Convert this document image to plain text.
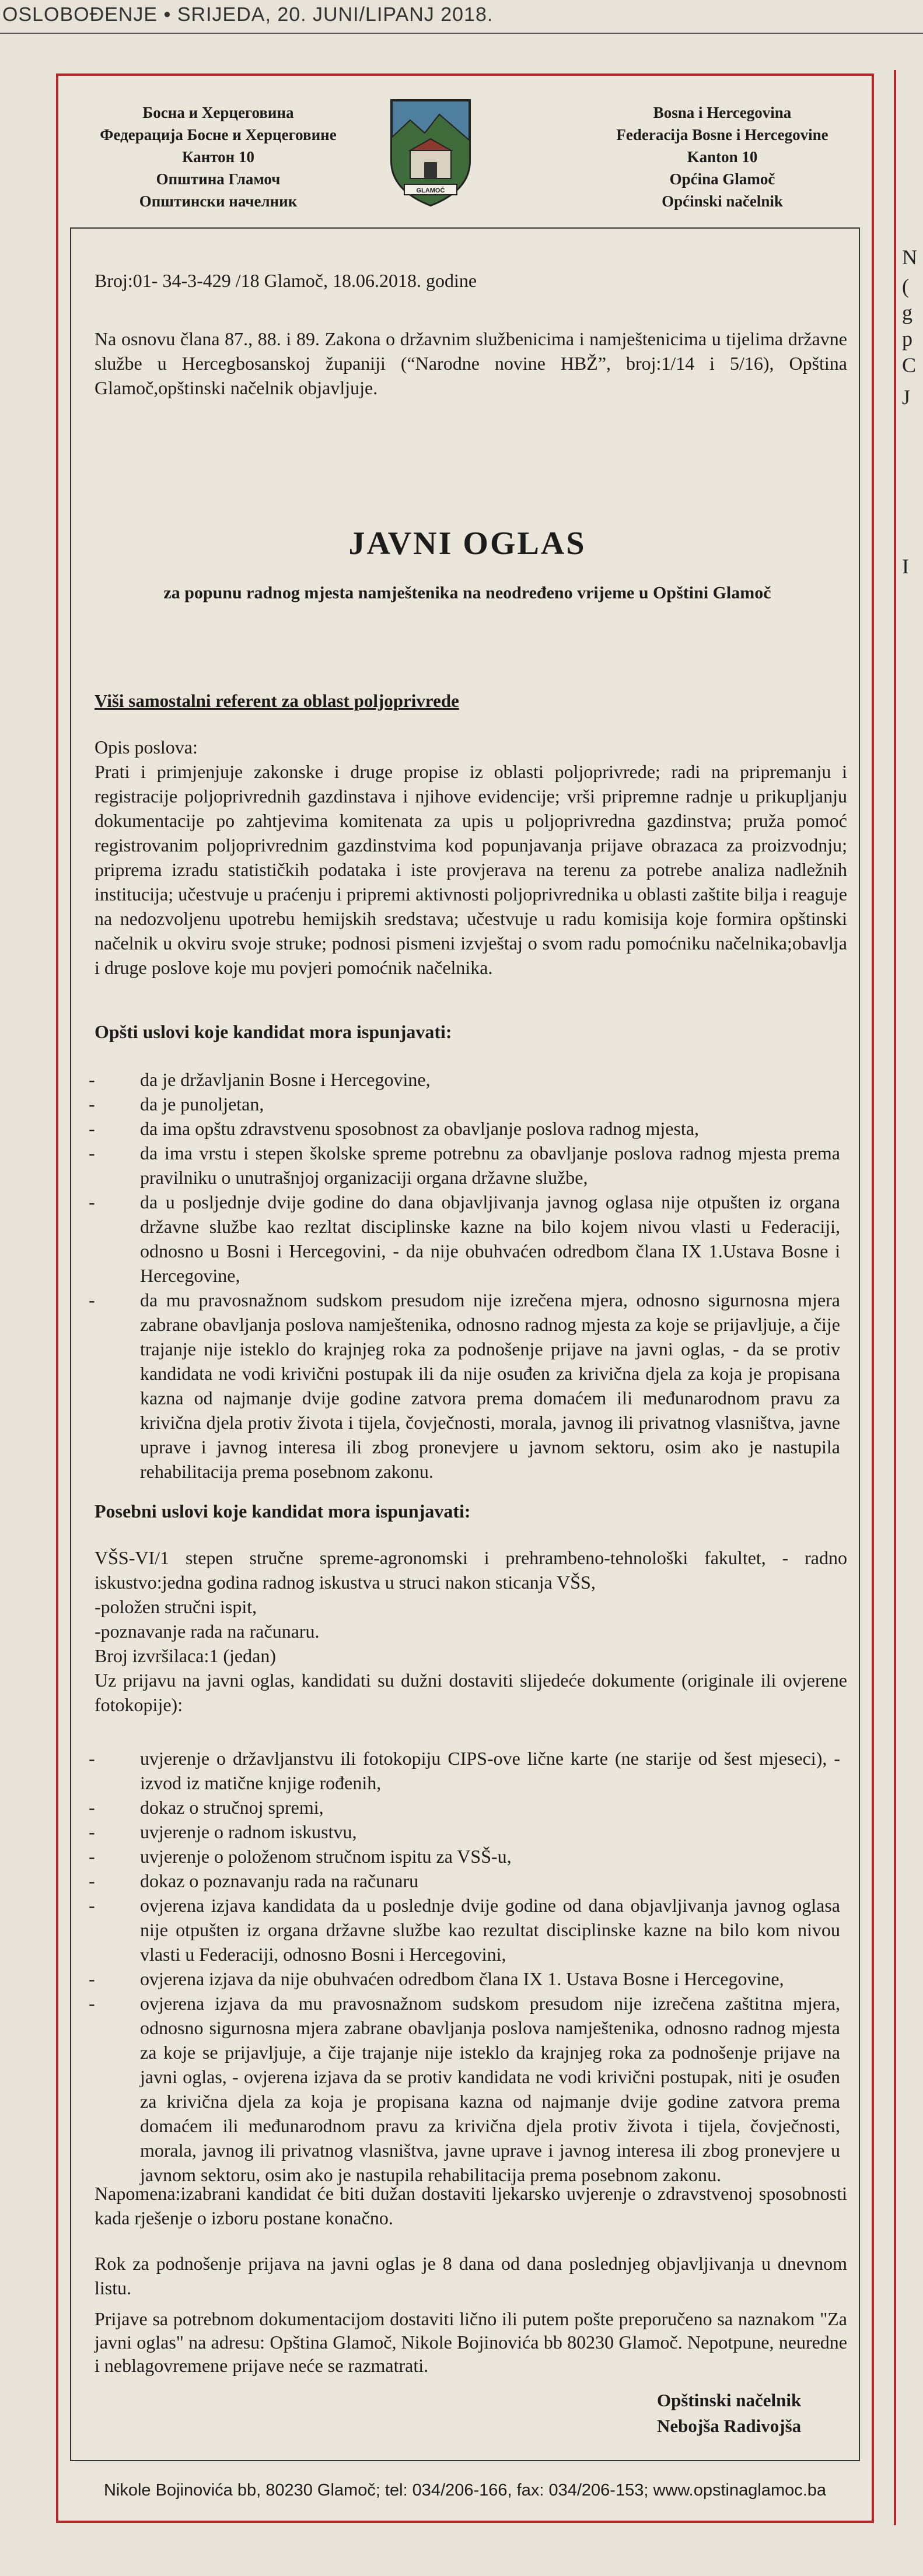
OSLOBOĐENJE • SRIJEDA, 20. JUNI/LIPANJ 2018.
N
(
g
p
C
J
I
Босна и Херцеговина
Федерација Босне и Херцеговине
Кантон 10
Општина Гламоч
Општински начелник
GLAMOČ
Bosna i Hercegovina
Federacija Bosne i Hercegovine
Kanton 10
Općina Glamoč
Općinski načelnik
Broj:01- 34-3-429 /18 Glamoč, 18.06.2018. godine
Na osnovu člana 87., 88. i 89. Zakona o državnim službenicima i namještenicima u tijelima državne službe u Hercegbosanskoj županiji (“Narodne novine HBŽ”, broj:1/14 i 5/16), Opština Glamoč,opštinski načelnik objavljuje.
JAVNI OGLAS
za popunu radnog mjesta namještenika na neodređeno vrijeme u Opštini Glamoč
Viši samostalni referent za oblast poljoprivrede
Opis poslova:
Prati i primjenjuje zakonske i druge propise iz oblasti poljoprivrede; radi na pripremanju i registracije poljoprivrednih gazdinstava i njihove evidencije; vrši pripremne radnje u prikupljanju dokumentacije po zahtjevima komitenata za upis u poljoprivredna gazdinstva; pruža pomoć registrovanim poljoprivrednim gazdinstvima kod popunjavanja prijave obrazaca za proizvodnju; priprema izradu statističkih podataka i iste provjerava na terenu za potrebe analiza nadležnih institucija; učestvuje u praćenju i pripremi aktivnosti poljoprivrednika u oblasti zaštite bilja i reaguje na nedozvoljenu upotrebu hemijskih sredstava; učestvuje u radu komisija koje formira opštinski načelnik u okviru svoje struke; podnosi pismeni izvještaj o svom radu pomoćniku načelnika;obavlja i druge poslove koje mu povjeri pomoćnik načelnika.
Opšti uslovi koje kandidat mora ispunjavati:
- da je državljanin Bosne i Hercegovine,
- da je punoljetan,
- da ima opštu zdravstvenu sposobnost za obavljanje poslova radnog mjesta,
- da ima vrstu i stepen školske spreme potrebnu za obavljanje poslova radnog mjesta prema pravilniku o unutrašnjoj organizaciji organa državne službe,
- da u posljednje dvije godine do dana objavljivanja javnog oglasa nije otpušten iz organa državne službe kao rezltat disciplinske kazne na bilo kojem nivou vlasti u Federaciji, odnosno u Bosni i Hercegovini, - da nije obuhvaćen odredbom člana IX 1.Ustava Bosne i Hercegovine,
- da mu pravosnažnom sudskom presudom nije izrečena mjera, odnosno sigurnosna mjera zabrane obavljanja poslova namještenika, odnosno radnog mjesta za koje se prijavljuje, a čije trajanje nije isteklo do krajnjeg roka za podnošenje prijave na javni oglas, - da se protiv kandidata ne vodi krivični postupak ili da nije osuđen za krivična djela za koja je propisana kazna od najmanje dvije godine zatvora prema domaćem ili međunarodnom pravu za krivična djela protiv života i tijela, čovječnosti, morala, javnog ili privatnog vlasništva, javne uprave i javnog interesa ili zbog pronevjere u javnom sektoru, osim ako je nastupila rehabilitacija prema posebnom zakonu.
Posebni uslovi koje kandidat mora ispunjavati:
VŠS-VI/1 stepen stručne spreme-agronomski i prehrambeno-tehnološki fakultet, - radno iskustvo:jedna godina radnog iskustva u struci nakon sticanja VŠS,
-položen stručni ispit,
-poznavanje rada na računaru.
Broj izvršilaca:1 (jedan)
Uz prijavu na javni oglas, kandidati su dužni dostaviti slijedeće dokumente (originale ili ovjerene fotokopije):
- uvjerenje o državljanstvu ili fotokopiju CIPS-ove lične karte (ne starije od šest mjeseci), - izvod iz matične knjige rođenih,
- dokaz o stručnoj spremi,
- uvjerenje o radnom iskustvu,
- uvjerenje o položenom stručnom ispitu za VSŠ-u,
- dokaz o poznavanju rada na računaru
- ovjerena izjava kandidata da u poslednje dvije godine od dana objavljivanja javnog oglasa nije otpušten iz organa državne službe kao rezultat disciplinske kazne na bilo kom nivou vlasti u Federaciji, odnosno Bosni i Hercegovini,
- ovjerena izjava da nije obuhvaćen odredbom člana IX 1. Ustava Bosne i Hercegovine,
- ovjerena izjava da mu pravosnažnom sudskom presudom nije izrečena zaštitna mjera, odnosno sigurnosna mjera zabrane obavljanja poslova namještenika, odnosno radnog mjesta za koje se prijavljuje, a čije trajanje nije isteklo da krajnjeg roka za podnošenje prijave na javni oglas, - ovjerena izjava da se protiv kandidata ne vodi krivični postupak, niti je osuđen za krivična djela za koja je propisana kazna od najmanje dvije godine zatvora prema domaćem ili međunarodnom pravu za krivična djela protiv života i tijela, čovječnosti, morala, javnog ili privatnog vlasništva, javne uprave i javnog interesa ili zbog pronevjere u javnom sektoru, osim ako je nastupila rehabilitacija prema posebnom zakonu.
Napomena:izabrani kandidat će biti dužan dostaviti ljekarsko uvjerenje o zdravstvenoj sposobnosti kada rješenje o izboru postane konačno.
Rok za podnošenje prijava na javni oglas je 8 dana od dana poslednjeg objavljivanja u dnevnom listu.
Prijave sa potrebnom dokumentacijom dostaviti lično ili putem pošte preporučeno sa naznakom "Za javni oglas" na adresu: Opština Glamoč, Nikole Bojinovića bb 80230 Glamoč. Nepotpune, neuredne i neblagovremene prijave neće se razmatrati.
Opštinski načelnik
Nebojša Radivojša
Nikole Bojinovića bb, 80230 Glamoč; tel: 034/206-166, fax: 034/206-153; www.opstinaglamoc.ba
